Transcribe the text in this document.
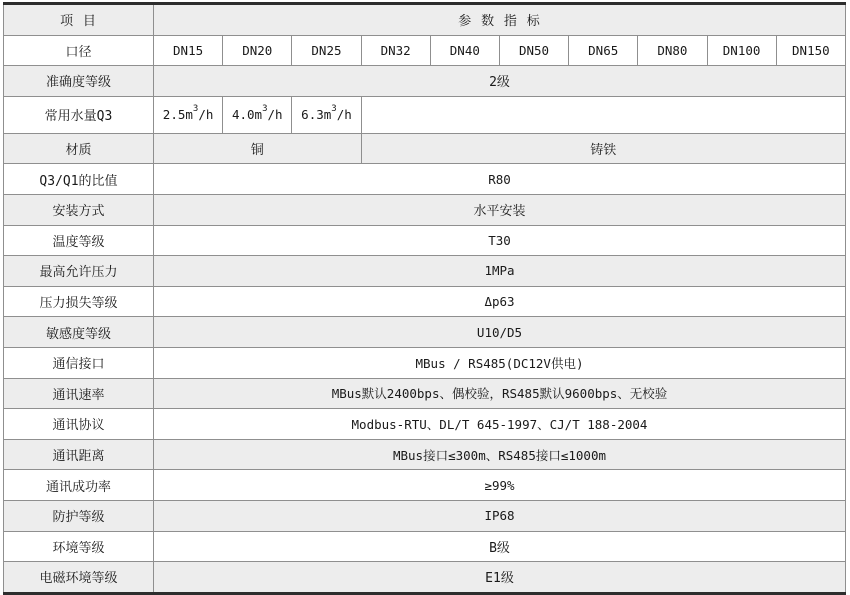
项 目	参 数 指 标									
口径	DN15	DN20	DN25	DN32	DN40	DN50	DN65	DN80	DN100	DN150
准确度等级	2级									
常用水量Q3	$2.5m^3/h$	$4.0m^3/h$	$6.3m^3/h$							
材质	铜			铸铁						
Q3/Q1的比值	R80									
安装方式	水平安装									
温度等级	T30									
最高允许压力	1MPa									
压力损失等级	Δp63									
敏感度等级	U10/D5									
通信接口	MBus / RS485(DC12V供电)									
通讯速率	MBus默认2400bps、偶校验，RS485默认9600bps、无校验									
通讯协议	Modbus-RTU、DL/T 645-1997、CJ/T 188-2004									
通讯距离	MBus接口≤300m、RS485接口≤1000m									
通讯成功率	≥99%									
防护等级	IP68									
环境等级	B级									
电磁环境等级	E1级									
